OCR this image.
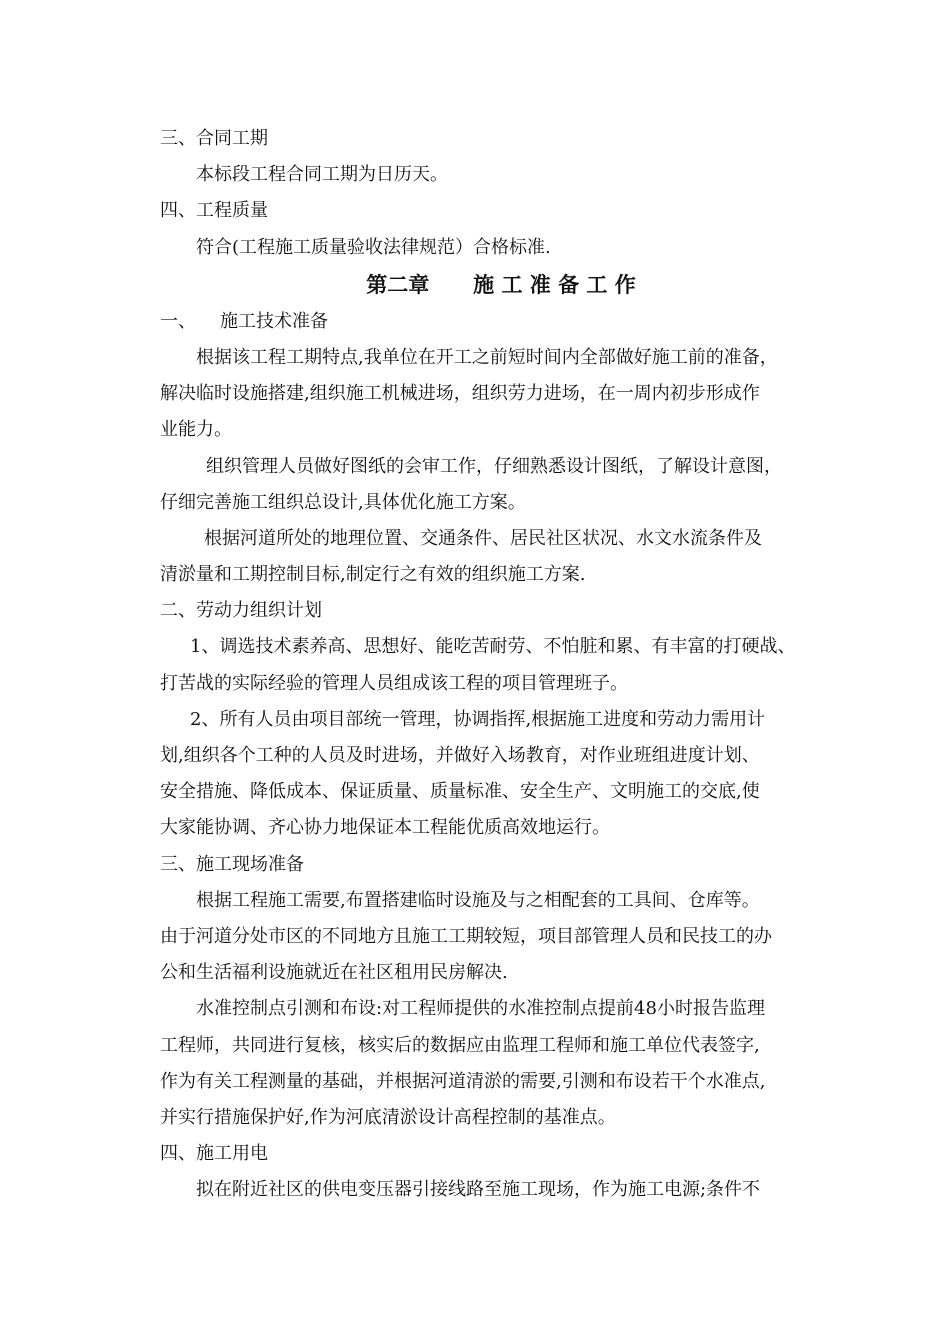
三、合同工期
本标段工程合同工期为日历天。
四、工程质量
符合(工程施工质量验收法律规范）合格标准.
第二章      施 工 准 备 工 作
一、 施工技术准备
根据该工程工期特点,我单位在开工之前短时间内全部做好施工前的准备，
解决临时设施搭建,组织施工机械进场，组织劳力进场，在一周内初步形成作
业能力。
组织管理人员做好图纸的会审工作，仔细熟悉设计图纸，了解设计意图，
仔细完善施工组织总设计,具体优化施工方案。
根据河道所处的地理位置、交通条件、居民社区状况、水文水流条件及
清淤量和工期控制目标,制定行之有效的组织施工方案.
二、劳动力组织计划
1、调选技术素养高、思想好、能吃苦耐劳、不怕脏和累、有丰富的打硬战、
打苦战的实际经验的管理人员组成该工程的项目管理班子。
2、所有人员由项目部统一管理，协调指挥,根据施工进度和劳动力需用计
划,组织各个工种的人员及时进场，并做好入场教育，对作业班组进度计划、
安全措施、降低成本、保证质量、质量标准、安全生产、文明施工的交底,使
大家能协调、齐心协力地保证本工程能优质高效地运行。
三、施工现场准备
根据工程施工需要,布置搭建临时设施及与之相配套的工具间、仓库等。
由于河道分处市区的不同地方且施工工期较短，项目部管理人员和民技工的办
公和生活福利设施就近在社区租用民房解决.
水准控制点引测和布设:对工程师提供的水准控制点提前48小时报告监理
工程师，共同进行复核，核实后的数据应由监理工程师和施工单位代表签字,
作为有关工程测量的基础，并根据河道清淤的需要,引测和布设若干个水准点,
并实行措施保护好,作为河底清淤设计高程控制的基准点。
四、施工用电
拟在附近社区的供电变压器引接线路至施工现场，作为施工电源;条件不
